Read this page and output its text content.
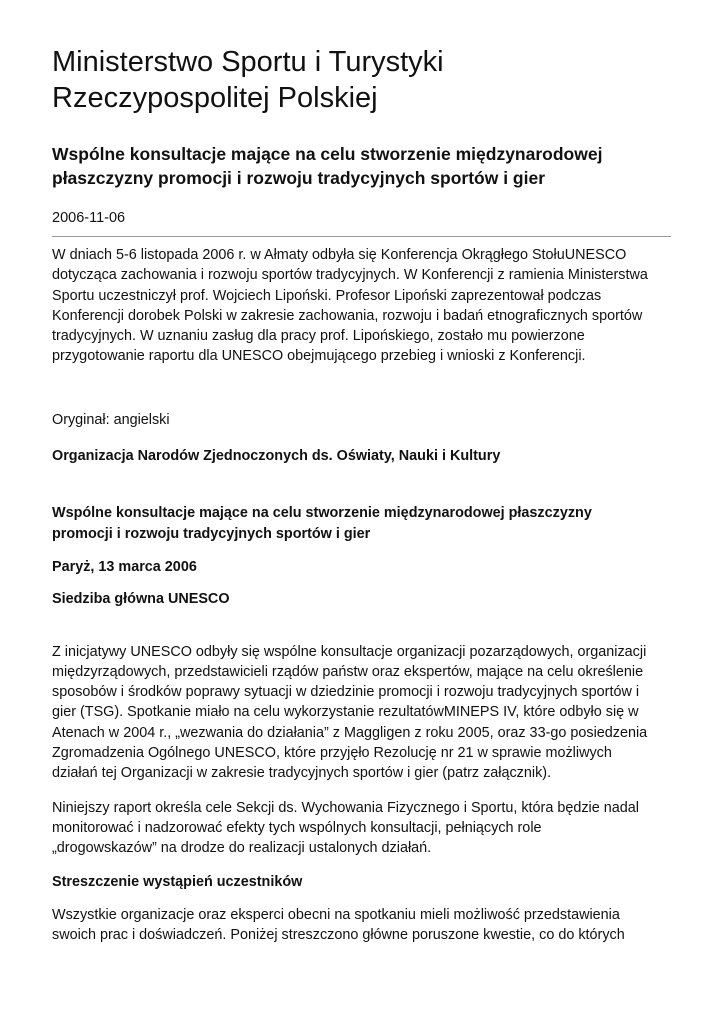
Ministerstwo Sportu i Turystyki
Rzeczypospolitej Polskiej
Wspólne konsultacje mające na celu stworzenie międzynarodowej
płaszczyzny promocji i rozwoju tradycyjnych sportów i gier
2006-11-06

W dniach 5-6 listopada 2006 r. w Ałmaty odbyła się Konferencja Okrągłego StołuUNESCO
dotycząca zachowania i rozwoju sportów tradycyjnych. W Konferencji z ramienia Ministerstwa
Sportu uczestniczył prof. Wojciech Lipoński. Profesor Lipoński zaprezentował podczas
Konferencji dorobek Polski w zakresie zachowania, rozwoju i badań etnograficznych sportów
tradycyjnych. W uznaniu zasług dla pracy prof. Lipońskiego, zostało mu powierzone
przygotowanie raportu dla UNESCO obejmującego przebieg i wnioski z Konferencji.

Oryginał: angielski

Organizacja Narodów Zjednoczonych ds. Oświaty, Nauki i Kultury

Wspólne konsultacje mające na celu stworzenie międzynarodowej płaszczyzny
promocji i rozwoju tradycyjnych sportów i gier

Paryż, 13 marca 2006

Siedziba główna UNESCO

Z inicjatywy UNESCO odbyły się wspólne konsultacje organizacji pozarządowych, organizacji
międzyrządowych, przedstawicieli rządów państw oraz ekspertów, mające na celu określenie
sposobów i środków poprawy sytuacji w dziedzinie promocji i rozwoju tradycyjnych sportów i
gier (TSG). Spotkanie miało na celu wykorzystanie rezultatówMINEPS IV, które odbyło się w
Atenach w 2004 r., „wezwania do działania” z Maggligen z roku 2005, oraz 33-go posiedzenia
Zgromadzenia Ogólnego UNESCO, które przyjęło Rezolucję nr 21 w sprawie możliwych
działań tej Organizacji w zakresie tradycyjnych sportów i gier (patrz załącznik).

Niniejszy raport określa cele Sekcji ds. Wychowania Fizycznego i Sportu, która będzie nadal
monitorować i nadzorować efekty tych wspólnych konsultacji, pełniących role
„drogowskazów” na drodze do realizacji ustalonych działań.

Streszczenie wystąpień uczestników

Wszystkie organizacje oraz eksperci obecni na spotkaniu mieli możliwość przedstawienia
swoich prac i doświadczeń. Poniżej streszczono główne poruszone kwestie, co do których
